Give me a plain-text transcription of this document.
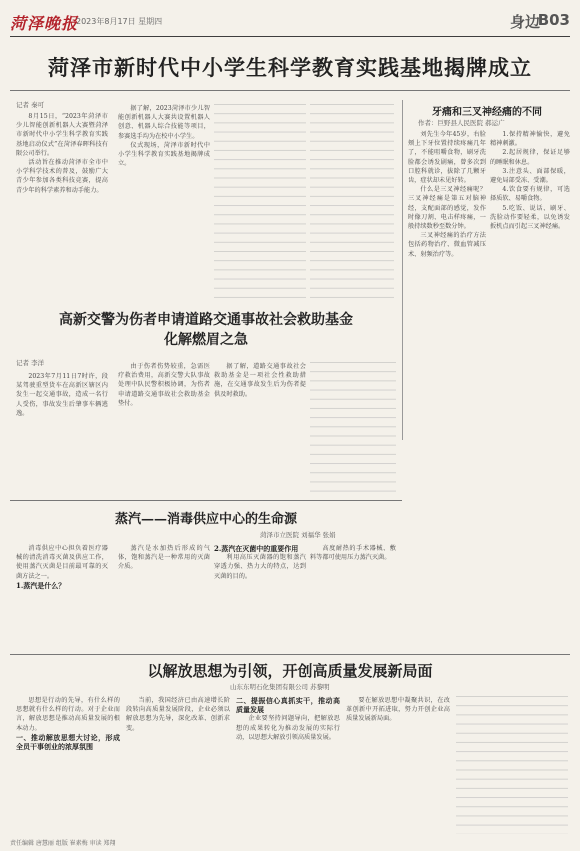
菏泽晚报
2023年8月17日 星期四	身边
B03
菏泽市新时代中小学生科学教育实践基地揭牌成立
记者 秦可

8月15日，“2023年菏泽市少儿智能创新机器人大赛暨菏泽市新时代中小学生科学教育实践基地启动仪式”在菏泽春晖科技有限公司举行。

活动旨在推动菏泽市全市中小学科学技术的普及，鼓励广大青少年参加各类科技竞赛，提高青少年的科学素养和动手能力。

据了解，2023菏泽市少儿智能创新机器人大赛共设置机器人创意、机器人综合技能等项目，参赛选手均为在校中小学生。

仪式现场，菏泽市新时代中小学生科学教育实践基地揭牌成立。

牙痛和三叉神经痛的不同
作者：巨野县人民医院 郝运广

刘先生今年45岁，右脸颊上下牙位置持续疼痛几年了，不能咀嚼食物，刷牙洗脸都会诱发剧痛，曾多次到口腔科就诊，拔除了几颗牙齿，症状却未见好转。

什么是三叉神经痛呢？三叉神经痛是第五对脑神经，支配面部的感觉，发作时像刀割、电击样疼痛，一般持续数秒至数分钟。

三叉神经痛的治疗方法包括药物治疗、微血管减压术、射频治疗等。

1.保持精神愉快，避免精神刺激。

2.起居规律，保证足够的睡眠和休息。

3.注意头、面部保暖，避免局部受冻、受潮。

4.饮食要有规律，可选择质软、易嚼食物。

5.吃饭、说话、刷牙、洗脸动作要轻柔，以免诱发扳机点而引起三叉神经痛。

高新交警为伤者申请道路交通事故社会救助基金
化解燃眉之急
记者 李洋

2023年7月11日7时许，段某驾驶重型货车在高新区辖区内发生一起交通事故，造成一名行人受伤，事故发生后肇事车辆逃逸。

由于伤者伤势较重，急需医疗救治费用，高新交警大队事故处理中队民警积极协调，为伤者申请道路交通事故社会救助基金垫付。

据了解，道路交通事故社会救助基金是一项社会性救助措施，在交通事故发生后为伤者提供及时救助。

蒸汽——消毒供应中心的生命源
菏泽市立医院 刘福华 张娟

消毒供应中心担负着医疗器械的清洗消毒灭菌及供应工作，使用蒸汽灭菌是目前最可靠的灭菌方法之一。

1.蒸汽是什么？

蒸汽是水加热后形成的气体，饱和蒸汽是一种常用的灭菌介质。

2.蒸汽在灭菌中的重要作用

利用高压灭菌器的饱和蒸汽穿透力强、热力大的特点，达到灭菌的目的。

高度耐热的手术器械、敷料等都可使用压力蒸汽灭菌。

以解放思想为引领，开创高质量发展新局面
山东东明石化集团有限公司 苏黎明

思想是行动的先导，有什么样的思想就有什么样的行动。对于企业而言，解放思想是推动高质量发展的根本动力。

一、推动解放思想大讨论，形成全员干事创业的浓厚氛围

当前，我国经济已由高速增长阶段转向高质量发展阶段，企业必须以解放思想为先导，深化改革、创新求变。

二、提振信心真抓实干，推动高质量发展

企业要坚持问题导向，把解放思想的成果转化为推动发展的实际行动，以思想大解放引领高质量发展。

要在解放思想中凝聚共识，在改革创新中开拓进取，努力开创企业高质量发展新局面。

责任编辑 唐慧丽 组版 崔素梅 审读 郑翔
